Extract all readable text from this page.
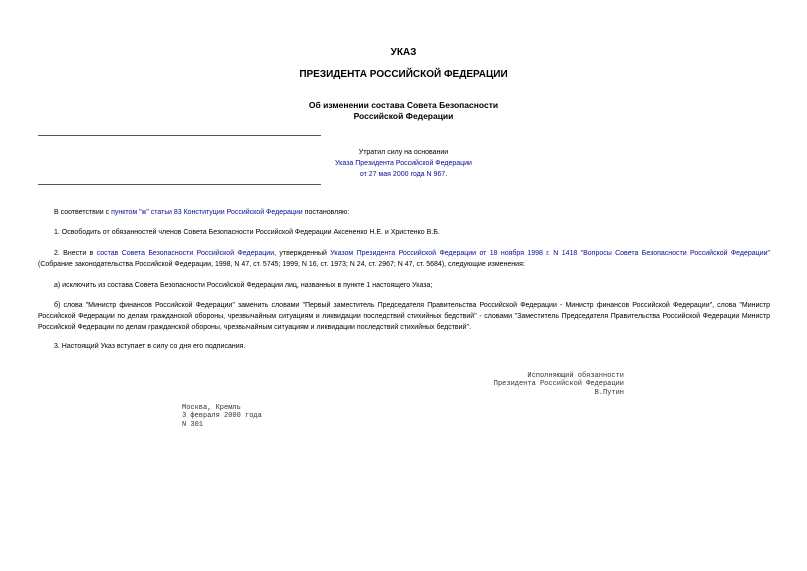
УКАЗ
ПРЕЗИДЕНТА РОССИЙСКОЙ ФЕДЕРАЦИИ
Об изменении состава Совета Безопасности
Российской Федерации
Утратил силу на основании
Указа Президента Российской Федерации
от 27 мая 2000 года N 967.
В соответствии с пунктом "ж" статьи 83 Конституции Российской Федерации постановляю:
1. Освободить от обязанностей членов Совета Безопасности Российской Федерации Аксененко Н.Е. и Христенко В.Б.
2. Внести в состав Совета Безопасности Российской Федерации, утвержденный Указом Президента Российской Федерации от 18 ноября 1998 г. N 1418 "Вопросы Совета Безопасности Российской Федерации" (Собрание законодательства Российской Федерации, 1998, N 47, ст. 5745; 1999, N 16, ст. 1973; N 24, ст. 2967; N 47, ст. 5684), следующие изменения:
а) исключить из состава Совета Безопасности Российской Федерации лиц, названных в пункте 1 настоящего Указа;
б) слова "Министр финансов Российской Федерации" заменить словами "Первый заместитель Председателя Правительства Российской Федерации - Министр финансов Российской Федерации", слова "Министр Российской Федерации по делам гражданской обороны, чрезвычайным ситуациям и ликвидации последствий стихийных бедствий" - словами "Заместитель Председателя Правительства Российской Федерации Министр Российской Федерации по делам гражданской обороны, чрезвычайным ситуациям и ликвидации последствий стихийных бедствий".
3. Настоящий Указ вступает в силу со дня его подписания.
Исполняющий обязанности
Президента Российской Федерации
В.Путин
Москва, Кремль
3 февраля 2000 года
N 301
